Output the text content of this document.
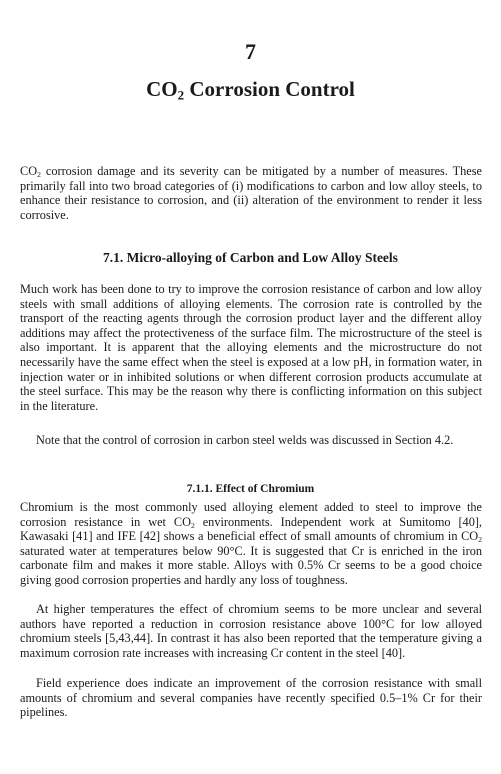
7
$CO_2$ Corrosion Control

$CO_2$ corrosion damage and its severity can be mitigated by a number of measures. These primarily fall into two broad categories of (i) modifications to carbon and low alloy steels, to enhance their resistance to corrosion, and (ii) alteration of the environment to render it less corrosive.

7.1. Micro-alloying of Carbon and Low Alloy Steels

Much work has been done to try to improve the corrosion resistance of carbon and low alloy steels with small additions of alloying elements. The corrosion rate is controlled by the transport of the reacting agents through the corrosion product layer and the different alloy additions may affect the protectiveness of the surface film. The microstructure of the steel is also important. It is apparent that the alloying elements and the microstructure do not necessarily have the same effect when the steel is exposed at a low pH, in formation water, in injection water or in inhibited solutions or when different corrosion products accumulate at the steel surface. This may be the reason why there is conflicting information on this subject in the literature.

Note that the control of corrosion in carbon steel welds was discussed in Section 4.2.

7.1.1. Effect of Chromium

Chromium is the most commonly used alloying element added to steel to improve the corrosion resistance in wet $CO_2$ environments. Independent work at Sumitomo [40], Kawasaki [41] and IFE [42] shows a beneficial effect of small amounts of chromium in $CO_2$ saturated water at temperatures below 90°C. It is suggested that Cr is enriched in the iron carbonate film and makes it more stable. Alloys with 0.5% Cr seems to be a good choice giving good corrosion properties and hardly any loss of toughness.

At higher temperatures the effect of chromium seems to be more unclear and several authors have reported a reduction in corrosion resistance above 100°C for low alloyed chromium steels [5,43,44]. In contrast it has also been reported that the temperature giving a maximum corrosion rate increases with increasing Cr content in the steel [40].

Field experience does indicate an improvement of the corrosion resistance with small amounts of chromium and several companies have recently specified 0.5–1% Cr for their pipelines.
